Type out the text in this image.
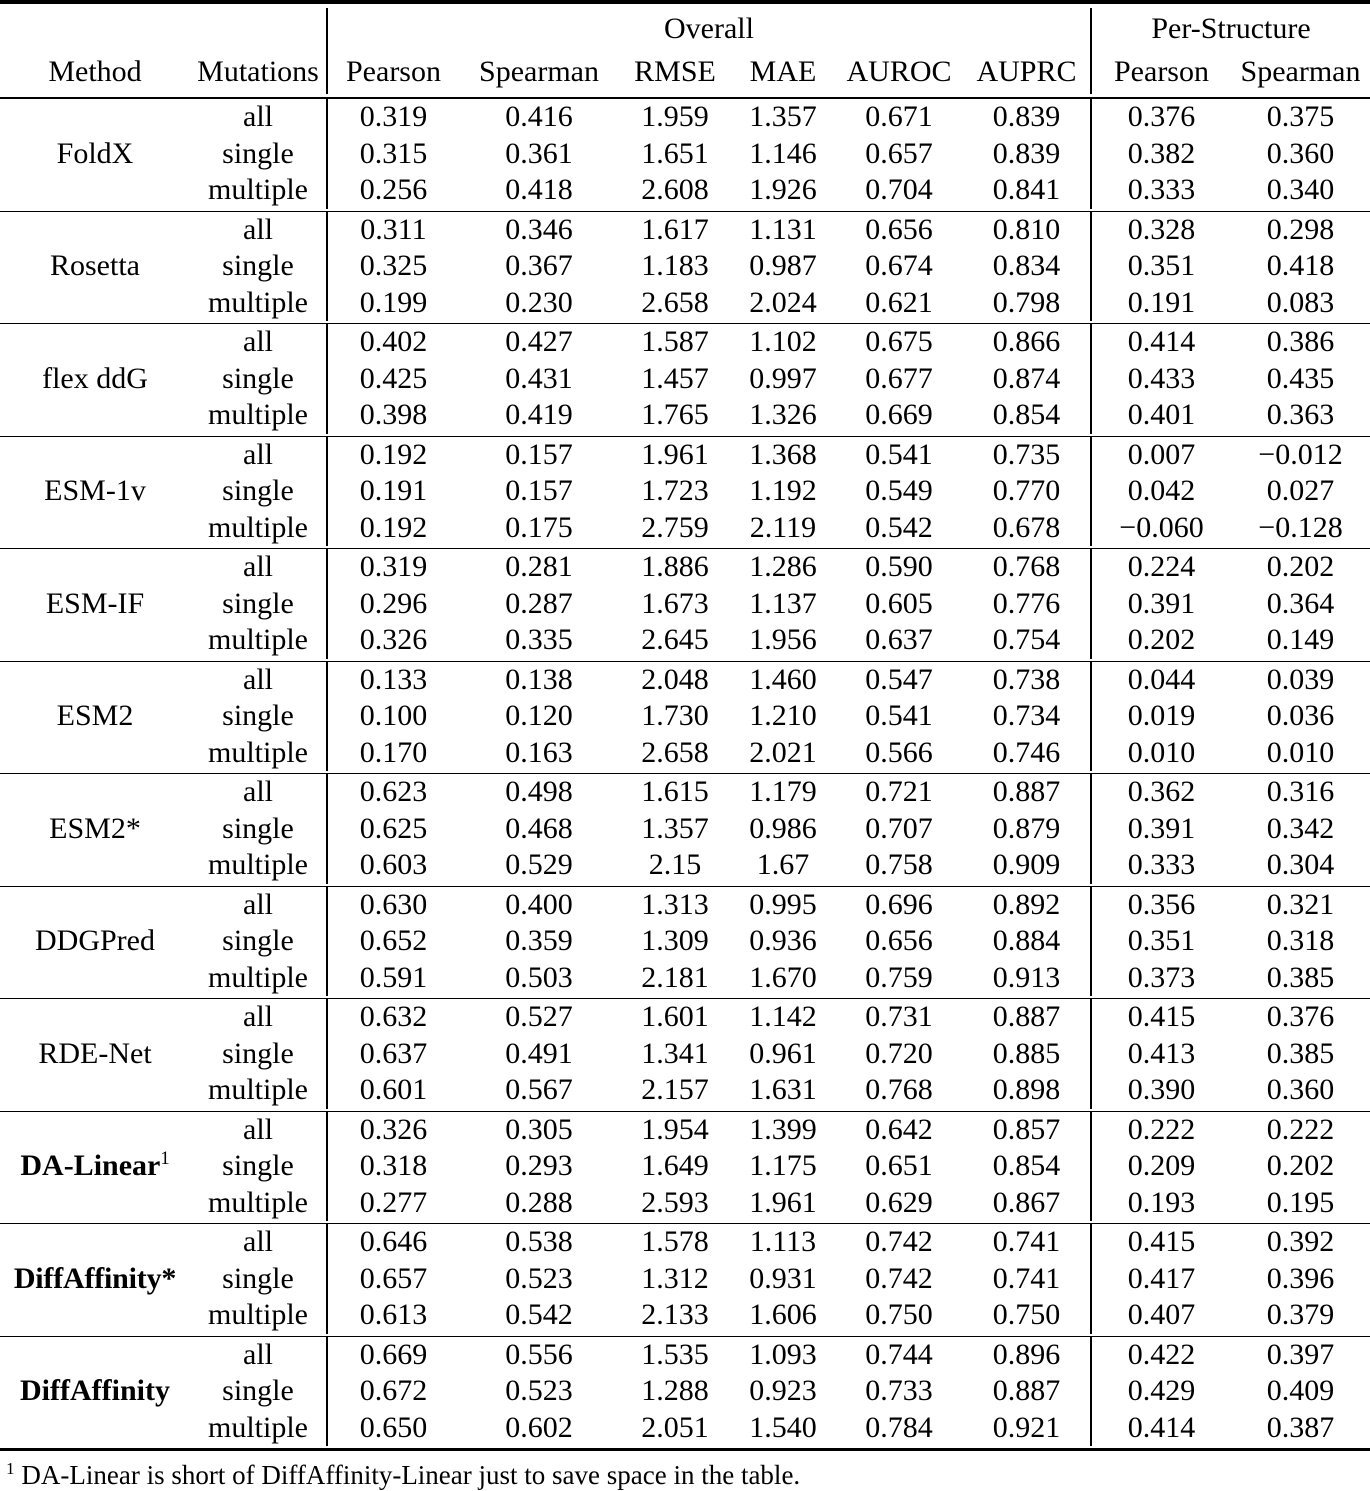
		Overall						Per-Structure	
Method	Mutations	Pearson	Spearman	RMSE	MAE	AUROC	AUPRC	Pearson	Spearman

FoldX	all	0.319	0.416	1.959	1.357	0.671	0.839	0.376	0.375
	single	0.315	0.361	1.651	1.146	0.657	0.839	0.382	0.360
	multiple	0.256	0.418	2.608	1.926	0.704	0.841	0.333	0.340

Rosetta	all	0.311	0.346	1.617	1.131	0.656	0.810	0.328	0.298
	single	0.325	0.367	1.183	0.987	0.674	0.834	0.351	0.418
	multiple	0.199	0.230	2.658	2.024	0.621	0.798	0.191	0.083

flex ddG	all	0.402	0.427	1.587	1.102	0.675	0.866	0.414	0.386
	single	0.425	0.431	1.457	0.997	0.677	0.874	0.433	0.435
	multiple	0.398	0.419	1.765	1.326	0.669	0.854	0.401	0.363

ESM-1v	all	0.192	0.157	1.961	1.368	0.541	0.735	0.007	−0.012
	single	0.191	0.157	1.723	1.192	0.549	0.770	0.042	0.027
	multiple	0.192	0.175	2.759	2.119	0.542	0.678	−0.060	−0.128

ESM-IF	all	0.319	0.281	1.886	1.286	0.590	0.768	0.224	0.202
	single	0.296	0.287	1.673	1.137	0.605	0.776	0.391	0.364
	multiple	0.326	0.335	2.645	1.956	0.637	0.754	0.202	0.149

ESM2	all	0.133	0.138	2.048	1.460	0.547	0.738	0.044	0.039
	single	0.100	0.120	1.730	1.210	0.541	0.734	0.019	0.036
	multiple	0.170	0.163	2.658	2.021	0.566	0.746	0.010	0.010

ESM2*	all	0.623	0.498	1.615	1.179	0.721	0.887	0.362	0.316
	single	0.625	0.468	1.357	0.986	0.707	0.879	0.391	0.342
	multiple	0.603	0.529	2.15	1.67	0.758	0.909	0.333	0.304

DDGPred	all	0.630	0.400	1.313	0.995	0.696	0.892	0.356	0.321
	single	0.652	0.359	1.309	0.936	0.656	0.884	0.351	0.318
	multiple	0.591	0.503	2.181	1.670	0.759	0.913	0.373	0.385

RDE-Net	all	0.632	0.527	1.601	1.142	0.731	0.887	0.415	0.376
	single	0.637	0.491	1.341	0.961	0.720	0.885	0.413	0.385
	multiple	0.601	0.567	2.157	1.631	0.768	0.898	0.390	0.360

DA-Linear$^1$	all	0.326	0.305	1.954	1.399	0.642	0.857	0.222	0.222
	single	0.318	0.293	1.649	1.175	0.651	0.854	0.209	0.202
	multiple	0.277	0.288	2.593	1.961	0.629	0.867	0.193	0.195

DiffAffinity*	all	0.646	0.538	1.578	1.113	0.742	0.741	0.415	0.392
	single	0.657	0.523	1.312	0.931	0.742	0.741	0.417	0.396
	multiple	0.613	0.542	2.133	1.606	0.750	0.750	0.407	0.379

DiffAffinity	all	0.669	0.556	1.535	1.093	0.744	0.896	0.422	0.397
	single	0.672	0.523	1.288	0.923	0.733	0.887	0.429	0.409
	multiple	0.650	0.602	2.051	1.540	0.784	0.921	0.414	0.387

$^1$ DA-Linear is short of DiffAffinity-Linear just to save space in the table.
